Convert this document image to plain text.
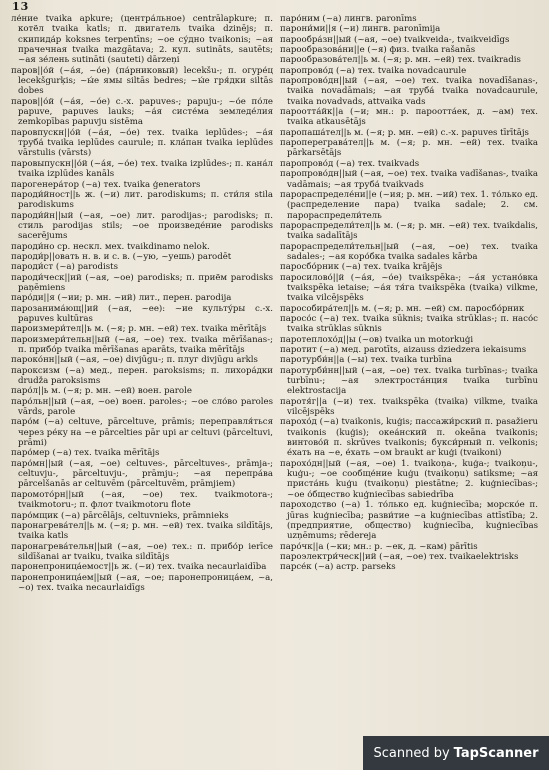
13

ле́ние tvaika apkure; (центра́льное) centrālapkure; п. котёл tvaika katls; п. двигатель tvaika dzinējs; п. скипида́р koksnes terpentīns; ~ое су́дно tvaikonis; ~ая прачечная tvaika mazgātava; 2. кул. sutināts, sautēts; ~ая зе́лень sutināti (sauteti) dārzeņi

паров||о́й (~а́я, ~о́е) (па́рниковый) lecekšu-; п. огуре́ц lecekšgurķis; ~ы́е ямы siltās bedres; ~ы́е гря́дки siltās dobes

паров||о́й (~а́я, ~о́е) с.-х. papuves-; papuju-; ~о́е по́ле papuve, papuves lauks; ~а́я систе́ма земледе́лия zemkopības papuvju sistēma

паровпускн||о́й (~а́я, ~о́е) тех. tvaika ieplūdes-; ~а́я труба́ tvaika ieplūdes caurule; п. кла́пан tvaika ieplūdes vārstulis (vārsts)

паровыпускн||о́й (~а́я, ~о́е) тех. tvaika izplūdes-; п. кана́л tvaika izplūdes kanāls

парогенера́тор (~а) тех. tvaika ģenerators

пароди́йност||ь ж. (~и) лит. parodiskums; п. сти́ля stila parodiskums

пароди́йн||ый (~ая, ~ое) лит. parodijas-; parodisks; п. стиль parodijas stils; ~ое произведе́ние parodisks sacerējums

пароди́но ср. нескл. мех. tvaikdinamo nelok.

пароди́р||овать н. в. и с. в. (~ую, ~уешь) parodēt

пароди́ст (~а) parodists

пароди́ческ||ий (~ая, ~ое) parodisks; п. приём parodisks paņēmiens

паро́ди||я (~ии; р. мн. ~ий) лит., перен. parodija

парозанима́ющ||ий (~ая, ~ее): ~ие культу́ры с.-х. papuves kultūras

пароизмери́тел||ь м. (~я; р. мн. ~ей) тех. tvaika mērītājs

пароизмери́тельн||ый (~ая, ~ое) тех. tvaika mērīšanas-; п. прибо́р tvaika mērīšanas aparāts, tvaika mērītājs

пароко́нн||ый (~ая, ~ое) divjūgu-; п. плуг divjūgu arkls

пароксизм (~а) мед., перен. paroksisms; п. лихора́дки drudža paroksisms

паро́л||ь м. (~я; р. мн. ~ей) воен. parole

паро́льн||ый (~ая, ~ое) воен. paroles-; ~ое сло́во paroles vārds, parole

паро́м (~а) celtuve, pārceltuve, prāmis; переправля́ться через ре́ку на ~е pārcelties pār upi ar celtuvi (pārceltuvi, prāmi)

паро́мер (~а) тех. tvaika mērītājs

паро́мн||ый (~ая, ~ое) celtuves-, pārceltuves-, prāmja-; celtuvju-, pārceltuvju-, prāmju-; ~ая перепра́ва pārcelšanās ar celtuvēm (pārceltuvēm, prāmjiem)

паромото́рн||ый (~ая, ~ое) тех. tvaikmotora-; tvaikmotoru-; п. флот tvaikmotoru flote

паро́мщик (~а) pārcēlājs, celtuvnieks, prāmnieks

паронагрева́тел||ь м. (~я; р. мн. ~ей) тех. tvaika sildītājs, tvaika katls

паронагрева́тельн||ый (~ая, ~ое) тех.: п. прибо́р ierīce sildīšanai ar tvaiku, tvaika sildītājs

паронепроница́емост||ь ж. (~и) тех. tvaika necaurlaidība

паронепроница́ем||ый (~ая, ~ое; паронепроница́ем, ~а, ~о) тех. tvaika necaurlaidīgs

паро́ним (~а) лингв. paronīms

парони́ми||я (~и) лингв. paronīmija

парообра́зн||ый (~ая, ~ое) tvaikveida-, tvaikveidīgs

парообразова́ни||е (~я) физ. tvaika rašanās

парообразова́тел||ь м. (~я; р. мн. ~ей) тех. tvaikradis

паропрово́д (~а) тех. tvaika novadcaurule

паропрово́дн||ый (~ая, ~ое) тех. tvaika novadīšanas-, tvaika novadāmais; ~ая труба́ tvaika novadcaurule, tvaika novadvads, attvaika vads

пароотта́йк||а (~и; мн.: р. пароотта́ек, д. ~ам) тех. tvaika atkausētājs

паропаша́тел||ь м. (~я; р. мн. ~ей) с.-х. papuves tīrītājs

паропереграва́тел||ь м. (~я; р. мн. ~ей) тех. tvaika pārkarsētājs

паропрово́д (~а) тех. tvaikvads

паропрово́дн||ый (~ая, ~ое) тех. tvaika vadīšanas-, tvaika vadāmais; ~ая труба́ tvaikvads

парораспределе́ни||е (~ия; р. мн. ~ий) тех. 1. то́лько ед. (распределение пара) tvaika sadale; 2. см. парораспредели́тель

парораспредели́тел||ь м. (~я; р. мн. ~ей) тех. tvaikdalis, tvaika sadalītājs

парораспредели́тельн||ый (~ая, ~ое) тех. tvaika sadales-; ~ая коро́бка tvaika sadales kārba

паросбо́рник (~а) тех. tvaika krājējs

паросилово́||й (~а́я, ~о́е) tvaikspēka-; ~а́я устано́вка tvaikspēka ietaise; ~а́я тя́га tvaikspēka (tvaika) vilkme, tvaika vilcējspēks

парособира́тел||ь м. (~я; р. мн. ~ей) см. паросбо́рник

паросо́с (~а) тех. tvaika sūknis; tvaika strūklas-; п. насо́с tvaika strūklas sūknis

паротеплохо́д||ы (~ов) tvaika un motorkuģi

паротит (~а) мед. parotīts, aizauss dziedzera iekaisums

паротурби́н||а (~ы) тех. tvaika turbīna

паротурби́нн||ый (~ая, ~ое) тех. tvaika turbīnas-; tvaika turbīnu-; ~ая электроста́нция tvaika turbīnu elektrostacija

паротя́г||а (~и) тех. tvaikspēka (tvaika) vilkme, tvaika vilcējspēks

парохо́д (~а) tvaikonis, kuģis; пассажи́рский п. pasažieru tvaikonis (kuģis); океа́нский п. okeāna tvaikonis; винтово́й п. skrūves tvaikonis; букси́рный п. velkonis; е́хать на ~е, е́хать ~ом braukt ar kuģi (tvaikoni)

парохо́дн||ый (~ая, ~ое) 1. tvaikoņa-, kuģa-; tvaikoņu-, kuģu-; ~ое сообще́ние kuģu (tvaikoņu) satiksme; ~ая приста́нь kuģu (tvaikoņu) piestātne; 2. kuģniecības-; ~ое о́бщество kuģniecības sabiedrība

пароходство (~а) 1. то́лько ед. kuģniecība; морско́е п. jūras kuģniecība; разви́тие ~а kuģniecības attīstība; 2. (предприятие, общество) kuģniecība, kuģniecības uzņēmums; rēdereja

паро́чк||а (~ки; мн.: р. ~ек, д. ~кам) pārītis

пароэлектри́ческ||ий (~ая, ~ое) тех. tvaikaelektrisks

парсе́к (~а) астр. parseks

Scanned by TapScanner
